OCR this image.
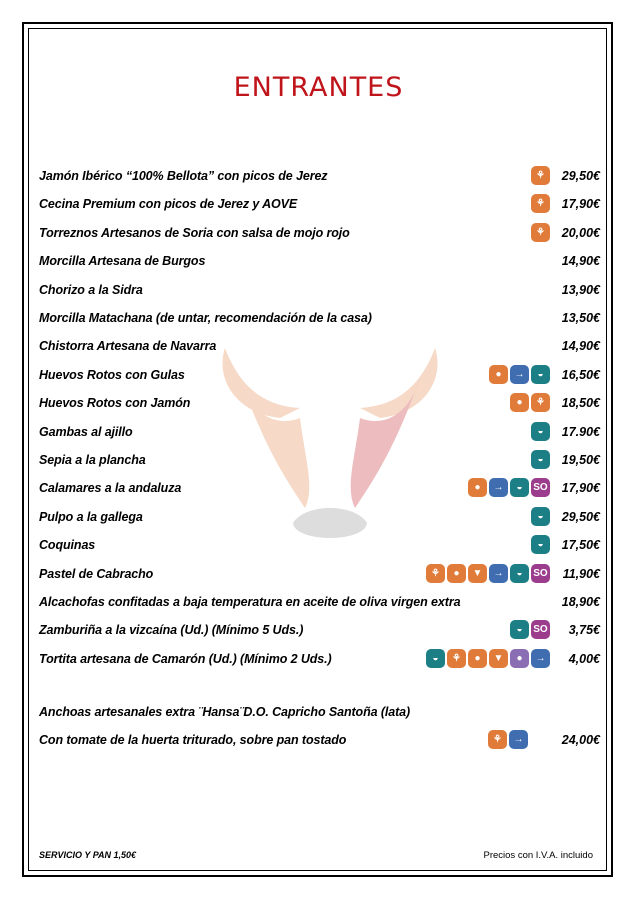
ENTRANTES
Jamón Ibérico “100% Bellota” con picos de Jerez	⚘ 29,50€
Cecina Premium con picos de Jerez y AOVE	⚘ 17,90€
Torreznos Artesanos de Soria con salsa de mojo rojo	⚘ 20,00€
Morcilla Artesana de Burgos	14,90€
Chorizo a la Sidra	13,90€
Morcilla Matachana (de untar, recomendación de la casa)	13,50€
Chistorra Artesana de Navarra	14,90€
Huevos Rotos con Gulas	● → ◒ 16,50€
Huevos Rotos con Jamón	● ⚘ 18,50€
Gambas al ajillo	◒ 17.90€
Sepia a la plancha	◒ 19,50€
Calamares a la andaluza	● → ◒ SO 17,90€
Pulpo a la gallega	◒ 29,50€
Coquinas	◒ 17,50€
Pastel de Cabracho	⚘ ● ▼ → ◒ SO 11,90€
Alcachofas confitadas a baja temperatura en aceite de oliva virgen extra	18,90€
Zamburiña a la vizcaína (Ud.) (Mínimo 5 Uds.)	◒ SO 3,75€
Tortita artesana de Camarón (Ud.) (Mínimo 2 Uds.)	◒ ⚘ ● ▼ ● → 4,00€
Anchoas artesanales extra ¨Hansa¨D.O. Capricho Santoña (lata)
Con tomate de la huerta triturado, sobre pan tostado	⚘ →	24,00€
SERVICIO Y PAN 1,50€	Precios con I.V.A. incluido
